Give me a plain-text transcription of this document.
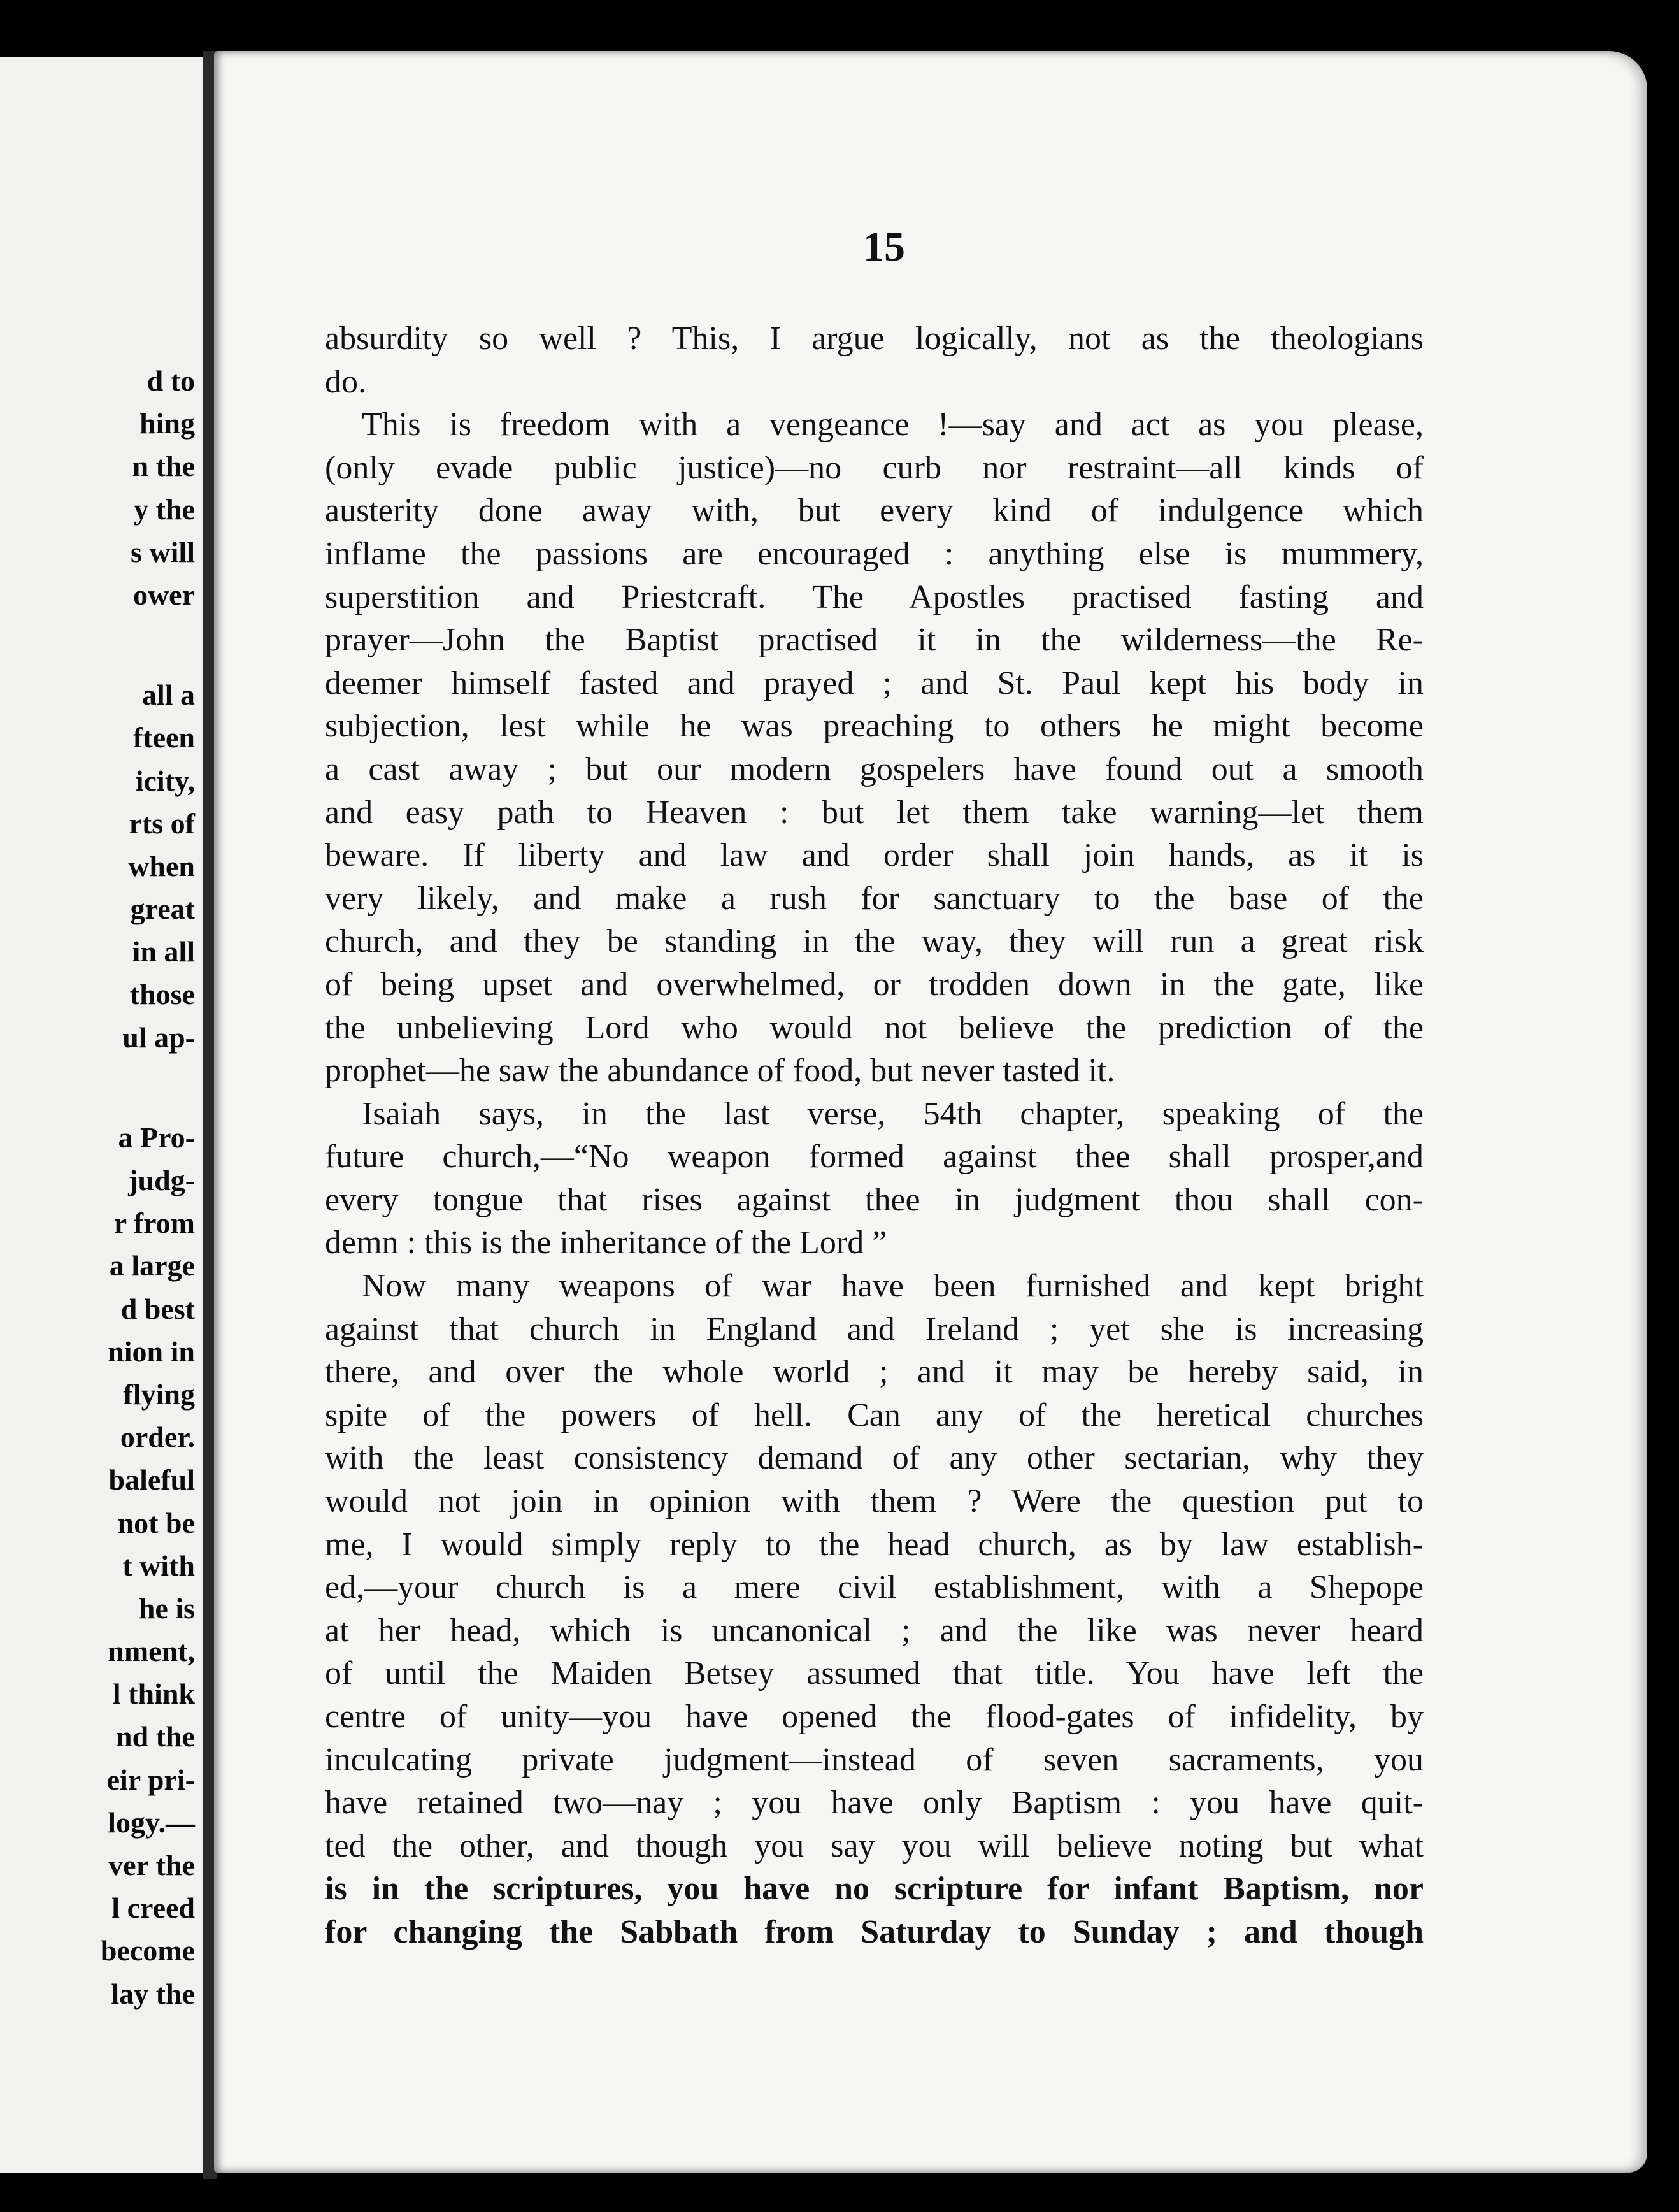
d to
hing
n the
y the
s will
ower
all a
fteen
icity,
rts of
when
great
in all
those
ul ap-
a Pro-
judg-
r from
a large
d best
nion in
flying
order.
baleful
not be
t with
he is
nment,
l think
nd the
eir pri-
logy.—
ver the
l creed
become
lay the
15
absurdity so well ? This, I argue logically, not as the theologians
do.
This is freedom with a vengeance !—say and act as you please,
(only evade public justice)—no curb nor restraint—all kinds of
austerity done away with, but every kind of indulgence which
inflame the passions are encouraged : anything else is mummery,
superstition and Priestcraft. The Apostles practised fasting and
prayer—John the Baptist practised it in the wilderness—the Re-
deemer himself fasted and prayed ; and St. Paul kept his body in
subjection, lest while he was preaching to others he might become
a cast away ; but our modern gospelers have found out a smooth
and easy path to Heaven : but let them take warning—let them
beware. If liberty and law and order shall join hands, as it is
very likely, and make a rush for sanctuary to the base of the
church, and they be standing in the way, they will run a great risk
of being upset and overwhelmed, or trodden down in the gate, like
the unbelieving Lord who would not believe the prediction of the
prophet—he saw the abundance of food, but never tasted it.
Isaiah says, in the last verse, 54th chapter, speaking of the
future church,—“No weapon formed against thee shall prosper,and
every tongue that rises against thee in judgment thou shall con-
demn : this is the inheritance of the Lord ”
Now many weapons of war have been furnished and kept bright
against that church in England and Ireland ; yet she is increasing
there, and over the whole world ; and it may be hereby said, in
spite of the powers of hell. Can any of the heretical churches
with the least consistency demand of any other sectarian, why they
would not join in opinion with them ? Were the question put to
me, I would simply reply to the head church, as by law establish-
ed,—your church is a mere civil establishment, with a Shepope
at her head, which is uncanonical ; and the like was never heard
of until the Maiden Betsey assumed that title. You have left the
centre of unity—you have opened the flood-gates of infidelity, by
inculcating private judgment—instead of seven sacraments, you
have retained two—nay ; you have only Baptism : you have quit-
ted the other, and though you say you will believe noting but what
is in the scriptures, you have no scripture for infant Baptism, nor
for changing the Sabbath from Saturday to Sunday ; and though
